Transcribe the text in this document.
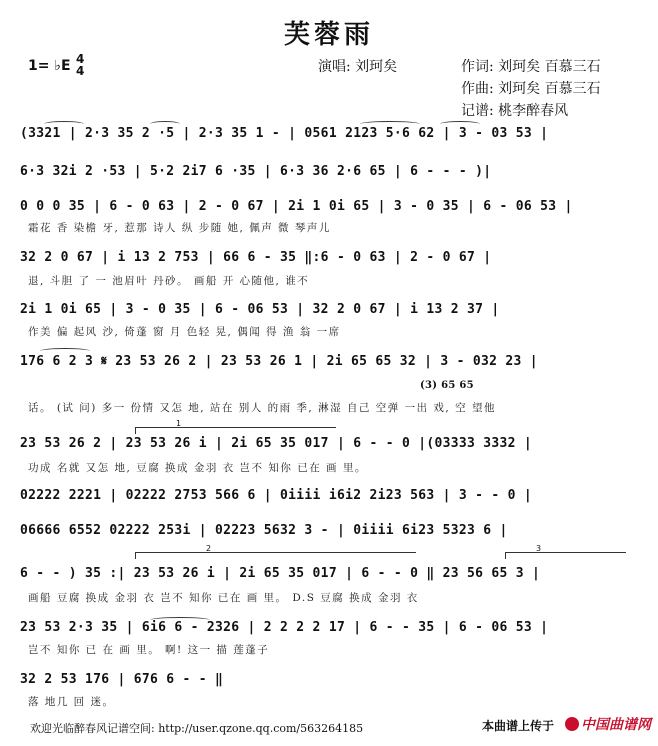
芙蓉雨
1= ♭E 4
4	演唱: 刘珂矣	作词: 刘珂矣 百慕三石
作曲: 刘珂矣 百慕三石
记谱: 桃李醉春风
(3321 | 2·3 35 2 ·5 | 2·3 35 1 - | 0561 2123 5·6 62 | 3 - 03 53 |
6·3 32i 2 ·53 | 5·2 2i7 6 ·35 | 6·3 36 2·6 65 | 6 - - - )|
0 0 0 35 | 6 - 0 63 | 2 - 0 67 | 2i 1 0i 65 | 3 - 0 35 | 6 - 06 53 |
霜花 香 染檐 牙, 惹那 诗人 纵 步随 她, 佩声 微 琴声儿
32 2 0 67 | i 13 2 753 | 66 6 - 35 ‖:6 - 0 63 | 2 - 0 67 |
退, 斗胆 了 一 池眉叶 丹砂。 画船 开 心随他, 谁不
2i 1 0i 65 | 3 - 0 35 | 6 - 06 53 | 32 2 0 67 | i 13 2 37 |
作美 偏 起风 沙, 倚蓬 窗 月 色轻 晃, 偶闻 得 渔 翁 一席
176 6 2 3 𝄋 23 53 26 2 | 23 53 26 1 | 2i 65 65 32 | 3 - 032 23 |
(3) 65 65
话。 (试 问) 多一 份情 又怎 地, 站在 别人 的雨 季, 淋湿 自己 空弹 一出 戏, 空 望他
1
23 53 26 2 | 23 53 26 i | 2i 65 35 017 | 6 - - 0 |(03333 3332 |
功成 名就 又怎 地, 豆腐 换成 金羽 衣 岂不 知你 已在 画 里。
02222 2221 | 02222 2753 566 6 | 0iiii i6i2 2i23 563 | 3 - - 0 |
06666 6552 02222 253i | 02223 5632 3 - | 0iiii 6i23 5323 6 |
2	3
6 - - ) 35 :| 23 53 26 i | 2i 65 35 017 | 6 - - 0 ‖ 23 56 65 3 |
画船 豆腐 换成 金羽 衣 岂不 知你 已在 画 里。 D.S 豆腐 换成 金羽 衣
23 53 2·3 35 | 6i6 6 - 2326 | 2 2 2 2 17 | 6 - - 35 | 6 - 06 53 |
岂不 知你 已 在 画 里。 啊! 这一 描 莲蓬子
32 2 53 176 | 676 6 - - ‖
落 地几 回 迷。
欢迎光临醉春风记谱空间: http://user.qzone.qq.com/563264185	本曲谱上传于	中国曲谱网
